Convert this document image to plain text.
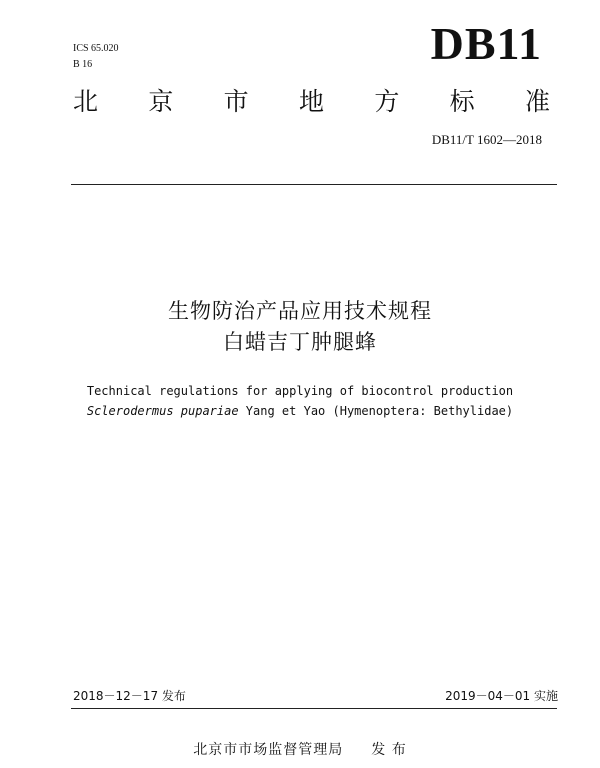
ICS 65.020
B 16	DB11
北 京 市 地 方 标 准
DB11/T 1602—2018
生物防治产品应用技术规程
白蜡吉丁肿腿蜂
Technical regulations for applying of biocontrol production
Sclerodermus pupariae Yang et Yao (Hymenoptera: Bethylidae)
2018－12－17 发布	2019－04－01 实施
北京市市场监督管理局 发 布
